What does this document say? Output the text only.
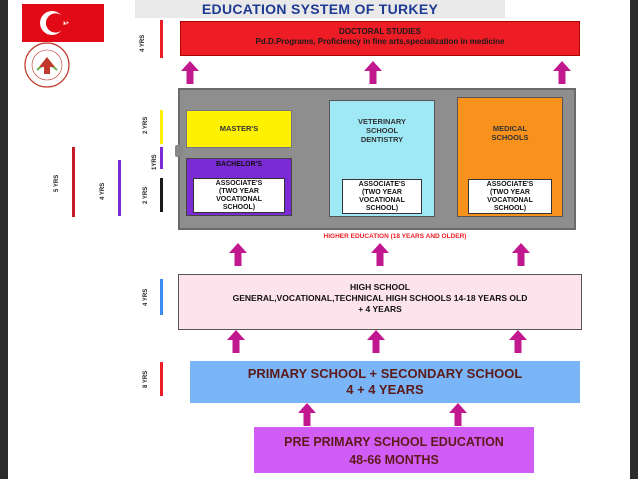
EDUCATION SYSTEM OF TURKEY
DOCTORAL STUDIES
Pd.D.Programs, Proficiency in fine arts,specialization in medicine
MASTER'S
BACHELOR'S
ASSOCIATE'S
(TWO YEAR
VOCATIONAL
SCHOOL)
VETERINARY
SCHOOL
DENTISTRY
ASSOCIATE'S
(TWO YEAR
VOCATIONAL
SCHOOL)
MEDICAL
SCHOOLS
ASSOCIATE'S
(TWO YEAR
VOCATIONAL
SCHOOL)
HIGHER EDUCATION (18 YEARS AND OLDER)
HIGH SCHOOL
GENERAL,VOCATIONAL,TECHNICAL HIGH SCHOOLS 14-18 YEARS OLD
+ 4 YEARS
PRIMARY SCHOOL + SECONDARY SCHOOL
4 + 4 YEARS
PRE PRIMARY SCHOOL EDUCATION
48-66 MONTHS
4 YRS
2 YRS
1YRS
2 YRS
5 YRS	4 YRS
4 YRS
8 YRS
